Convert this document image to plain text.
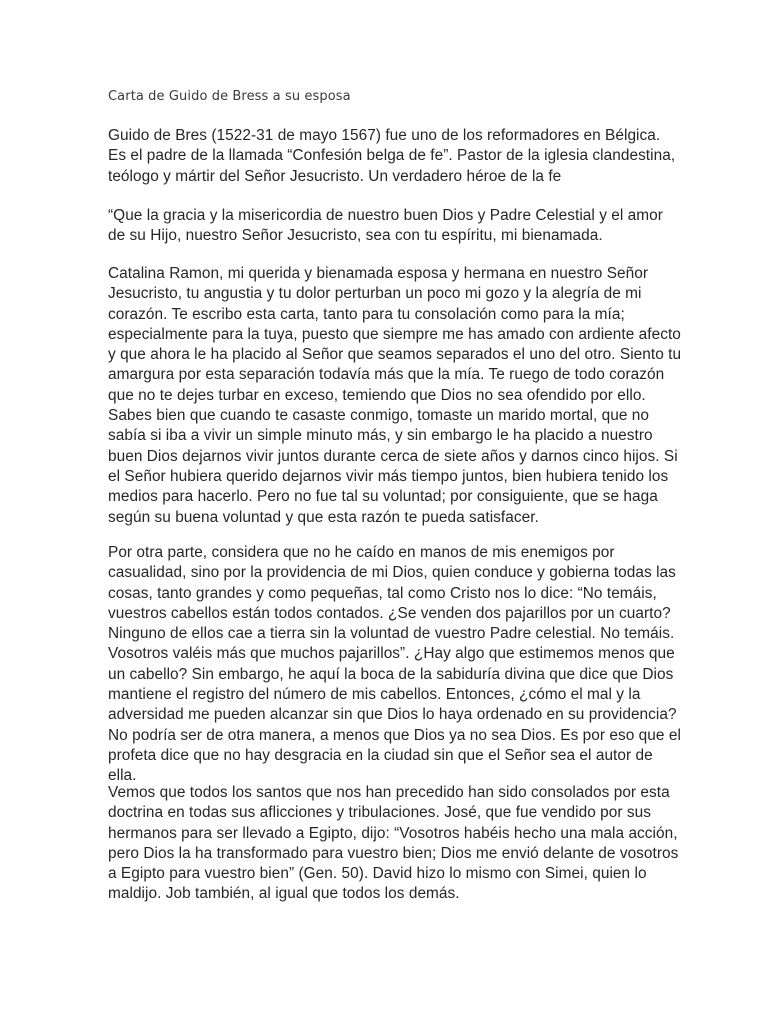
Carta de Guido de Bress a su esposa
Guido de Bres (1522-31 de mayo 1567) fue uno de los reformadores en Bélgica.
Es el padre de la llamada “Confesión belga de fe”. Pastor de la iglesia clandestina,
teólogo y mártir del Señor Jesucristo. Un verdadero héroe de la fe
“Que la gracia y la misericordia de nuestro buen Dios y Padre Celestial y el amor
de su Hijo, nuestro Señor Jesucristo, sea con tu espíritu, mi bienamada.
Catalina Ramon, mi querida y bienamada esposa y hermana en nuestro Señor
Jesucristo, tu angustia y tu dolor perturban un poco mi gozo y la alegría de mi
corazón. Te escribo esta carta, tanto para tu consolación como para la mía;
especialmente para la tuya, puesto que siempre me has amado con ardiente afecto
y que ahora le ha placido al Señor que seamos separados el uno del otro. Siento tu
amargura por esta separación todavía más que la mía. Te ruego de todo corazón
que no te dejes turbar en exceso, temiendo que Dios no sea ofendido por ello.
Sabes bien que cuando te casaste conmigo, tomaste un marido mortal, que no
sabía si iba a vivir un simple minuto más, y sin embargo le ha placido a nuestro
buen Dios dejarnos vivir juntos durante cerca de siete años y darnos cinco hijos. Si
el Señor hubiera querido dejarnos vivir más tiempo juntos, bien hubiera tenido los
medios para hacerlo. Pero no fue tal su voluntad; por consiguiente, que se haga
según su buena voluntad y que esta razón te pueda satisfacer.
Por otra parte, considera que no he caído en manos de mis enemigos por
casualidad, sino por la providencia de mi Dios, quien conduce y gobierna todas las
cosas, tanto grandes y como pequeñas, tal como Cristo nos lo dice: “No temáis,
vuestros cabellos están todos contados. ¿Se venden dos pajarillos por un cuarto?
Ninguno de ellos cae a tierra sin la voluntad de vuestro Padre celestial. No temáis.
Vosotros valéis más que muchos pajarillos”. ¿Hay algo que estimemos menos que
un cabello? Sin embargo, he aquí la boca de la sabiduría divina que dice que Dios
mantiene el registro del número de mis cabellos. Entonces, ¿cómo el mal y la
adversidad me pueden alcanzar sin que Dios lo haya ordenado en su providencia?
No podría ser de otra manera, a menos que Dios ya no sea Dios. Es por eso que el
profeta dice que no hay desgracia en la ciudad sin que el Señor sea el autor de
ella.
Vemos que todos los santos que nos han precedido han sido consolados por esta
doctrina en todas sus aflicciones y tribulaciones. José, que fue vendido por sus
hermanos para ser llevado a Egipto, dijo: “Vosotros habéis hecho una mala acción,
pero Dios la ha transformado para vuestro bien; Dios me envió delante de vosotros
a Egipto para vuestro bien” (Gen. 50). David hizo lo mismo con Simei, quien lo
maldijo. Job también, al igual que todos los demás.
